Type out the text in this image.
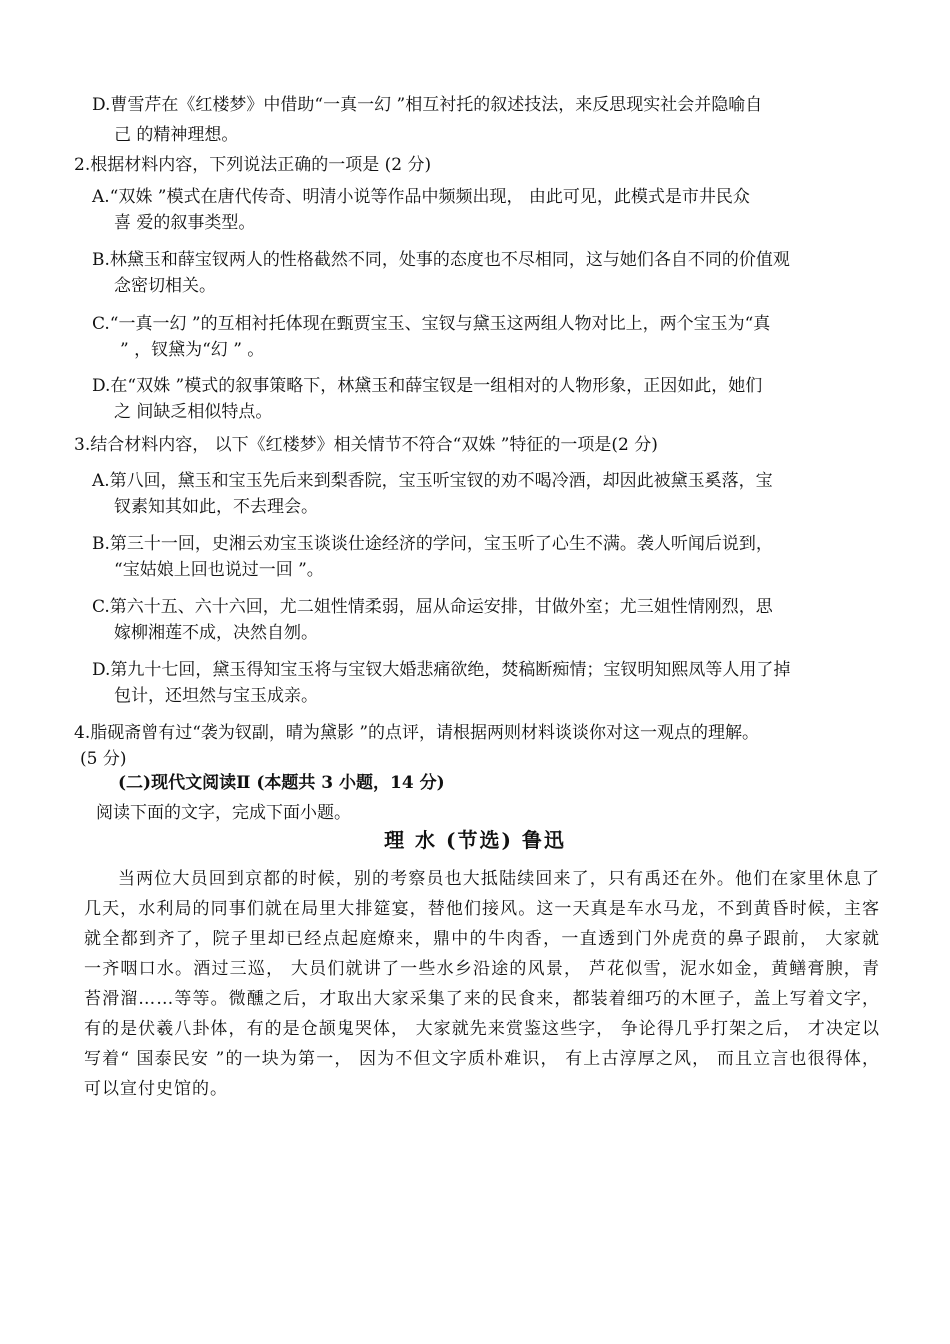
D.曹雪芹在《红楼梦》中借助“一真一幻 ”相互衬托的叙述技法，来反思现实社会并隐喻自
己 的精神理想。
2.根据材料内容，下列说法正确的一项是 (2 分)
A.“双姝 ”模式在唐代传奇、明清小说等作品中频频出现， 由此可见，此模式是市井民众
喜 爱的叙事类型。
B.林黛玉和薛宝钗两人的性格截然不同，处事的态度也不尽相同，这与她们各自不同的价值观
念密切相关。
C.“一真一幻 ”的互相衬托体现在甄贾宝玉、宝钗与黛玉这两组人物对比上，两个宝玉为“真
” ，钗黛为“幻 ” 。
D.在“双姝 ”模式的叙事策略下，林黛玉和薛宝钗是一组相对的人物形象，正因如此，她们
之 间缺乏相似特点。
3.结合材料内容， 以下《红楼梦》相关情节不符合“双姝 ”特征的一项是(2 分)
A.第八回，黛玉和宝玉先后来到梨香院，宝玉听宝钗的劝不喝冷酒，却因此被黛玉奚落，宝
钗素知其如此，不去理会。
B.第三十一回，史湘云劝宝玉谈谈仕途经济的学问，宝玉听了心生不满。袭人听闻后说到，
“宝姑娘上回也说过一回 ”。
C.第六十五、六十六回，尤二姐性情柔弱，屈从命运安排，甘做外室；尤三姐性情刚烈，思
嫁柳湘莲不成，决然自刎。
D.第九十七回，黛玉得知宝玉将与宝钗大婚悲痛欲绝，焚稿断痴情；宝钗明知熙凤等人用了掉
包计，还坦然与宝玉成亲。
4.脂砚斋曾有过“袭为钗副，晴为黛影 ”的点评，请根据两则材料谈谈你对这一观点的理解。
(5 分)
(二)现代文阅读Ⅱ (本题共 3 小题，14 分)
阅读下面的文字，完成下面小题。
理 水 (节选) 鲁迅
当两位大员回到京都的时候，别的考察员也大抵陆续回来了，只有禹还在外。他们在家里休息了几天，水利局的同事们就在局里大排筵宴，替他们接风。这一天真是车水马龙，不到黄昏时候，主客就全都到齐了，院子里却已经点起庭燎来，鼎中的牛肉香，一直透到门外虎贲的鼻子跟前， 大家就一齐咽口水。酒过三巡， 大员们就讲了一些水乡沿途的风景， 芦花似雪，泥水如金，黄鳝膏腴，青苔滑溜……等等。微醺之后，才取出大家采集了来的民食来，都装着细巧的木匣子，盖上写着文字，有的是伏羲八卦体，有的是仓颉鬼哭体， 大家就先来赏鉴这些字， 争论得几乎打架之后， 才决定以写着“ 国泰民安 ”的一块为第一， 因为不但文字质朴难识， 有上古淳厚之风， 而且立言也很得体， 可以宣付史馆的。
